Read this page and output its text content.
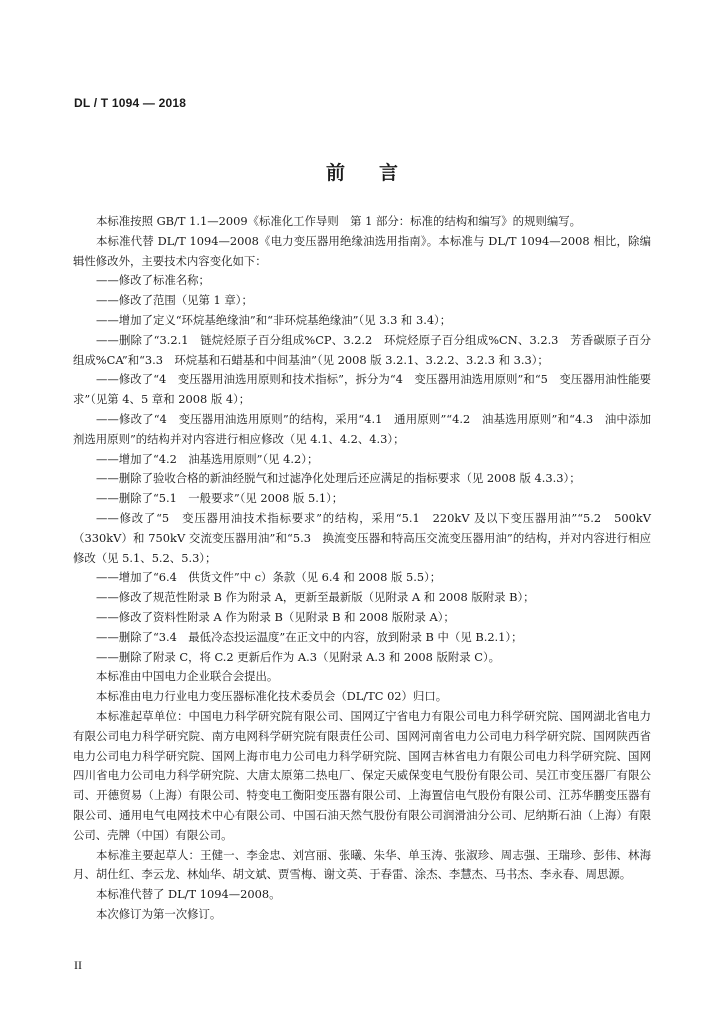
DL / T 1094 — 2018
前言

本标准按照 GB/T 1.1—2009《标准化工作导则　第 1 部分：标准的结构和编写》的规则编写。

本标准代替 DL/T 1094—2008《电力变压器用绝缘油选用指南》。本标准与 DL/T 1094—2008 相比，除编辑性修改外，主要技术内容变化如下：

——修改了标准名称；

——修改了范围（见第 1 章）；

——增加了定义“环烷基绝缘油”和“非环烷基绝缘油”（见 3.3 和 3.4）；

——删除了“3.2.1　链烷烃原子百分组成%CP、3.2.2　环烷烃原子百分组成%CN、3.2.3　芳香碳原子百分组成%CA”和“3.3　环烷基和石蜡基和中间基油”（见 2008 版 3.2.1、3.2.2、3.2.3 和 3.3）；

——修改了“4　变压器用油选用原则和技术指标”，拆分为“4　变压器用油选用原则”和“5　变压器用油性能要求”（见第 4、5 章和 2008 版 4）；

——修改了“4　变压器用油选用原则”的结构，采用“4.1　通用原则”“4.2　油基选用原则”和“4.3　油中添加剂选用原则”的结构并对内容进行相应修改（见 4.1、4.2、4.3）；

——增加了“4.2　油基选用原则”（见 4.2）；

——删除了验收合格的新油经脱气和过滤净化处理后还应满足的指标要求（见 2008 版 4.3.3）；

——删除了“5.1　一般要求”（见 2008 版 5.1）；

——修改了“5　变压器用油技术指标要求”的结构，采用“5.1　220kV 及以下变压器用油”“5.2　500kV（330kV）和 750kV 交流变压器用油”和“5.3　换流变压器和特高压交流变压器用油”的结构，并对内容进行相应修改（见 5.1、5.2、5.3）；

——增加了“6.4　供货文件”中 c）条款（见 6.4 和 2008 版 5.5）；

——修改了规范性附录 B 作为附录 A，更新至最新版（见附录 A 和 2008 版附录 B）；

——修改了资料性附录 A 作为附录 B（见附录 B 和 2008 版附录 A）；

——删除了“3.4　最低冷态投运温度”在正文中的内容，放到附录 B 中（见 B.2.1）；

——删除了附录 C，将 C.2 更新后作为 A.3（见附录 A.3 和 2008 版附录 C）。

本标准由中国电力企业联合会提出。

本标准由电力行业电力变压器标准化技术委员会（DL/TC 02）归口。

本标准起草单位：中国电力科学研究院有限公司、国网辽宁省电力有限公司电力科学研究院、国网湖北省电力有限公司电力科学研究院、南方电网科学研究院有限责任公司、国网河南省电力公司电力科学研究院、国网陕西省电力公司电力科学研究院、国网上海市电力公司电力科学研究院、国网吉林省电力有限公司电力科学研究院、国网四川省电力公司电力科学研究院、大唐太原第二热电厂、保定天威保变电气股份有限公司、吴江市变压器厂有限公司、开德贸易（上海）有限公司、特变电工衡阳变压器有限公司、上海置信电气股份有限公司、江苏华鹏变压器有限公司、通用电气电网技术中心有限公司、中国石油天然气股份有限公司润滑油分公司、尼纳斯石油（上海）有限公司、壳牌（中国）有限公司。

本标准主要起草人：王健一、李金忠、刘宫丽、张曦、朱华、单玉涛、张淑珍、周志强、王瑞珍、彭伟、林海月、胡仕红、李云龙、林灿华、胡文斌、贾雪梅、谢文英、于春雷、涂杰、李慧杰、马书杰、李永春、周思源。

本标准代替了 DL/T 1094—2008。

本次修订为第一次修订。

II
